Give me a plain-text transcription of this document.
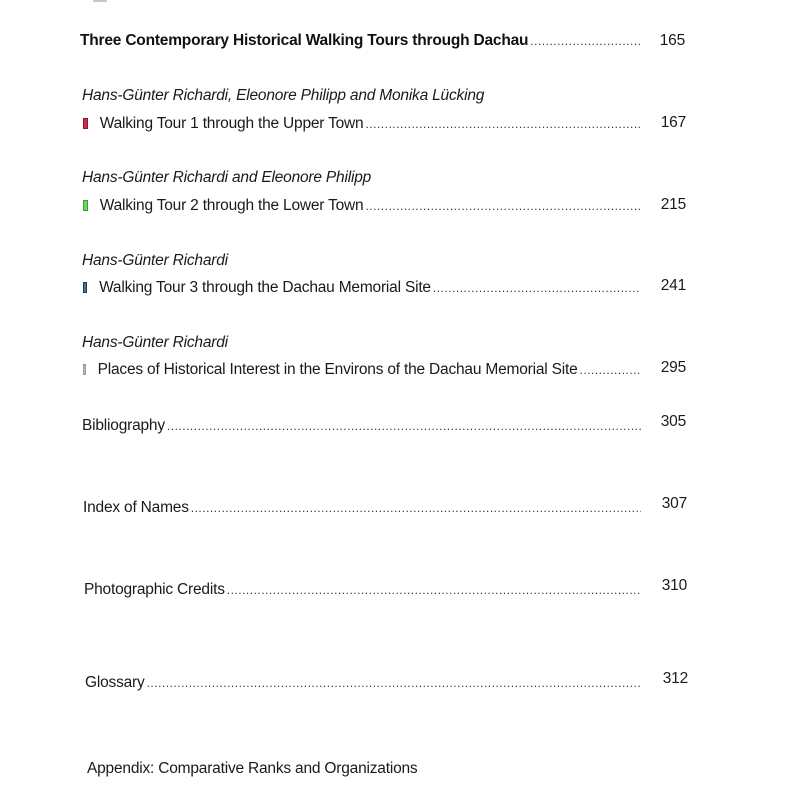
Three Contemporary Historical Walking Tours through Dachau .....	165
Hans-Günter Richardi, Eleonore Philipp and Monika Lücking
Walking Tour 1 through the Upper Town .....	167
Hans-Günter Richardi and Eleonore Philipp
Walking Tour 2 through the Lower Town .....	215
Hans-Günter Richardi
Walking Tour 3 through the Dachau Memorial Site .....	241
Hans-Günter Richardi
Places of Historical Interest in the Environs of the Dachau Memorial Site .....	295
Bibliography .....	305
Index of Names .....	307
Photographic Credits .....	310
Glossary .....	312
Appendix: Comparative Ranks and Organizations
